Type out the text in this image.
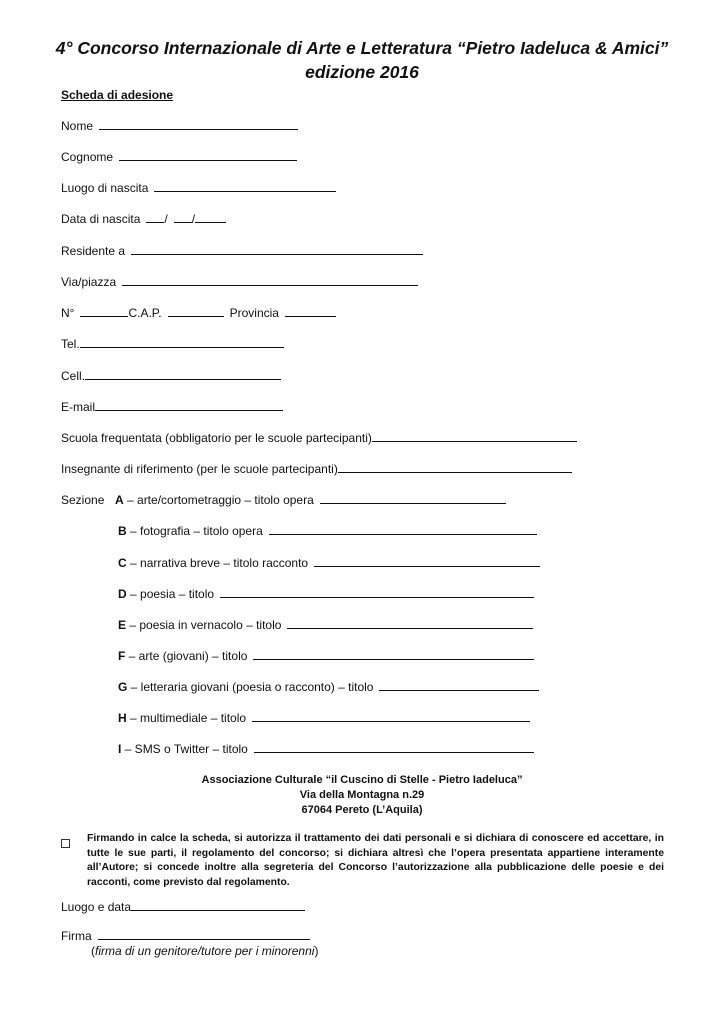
4° Concorso Internazionale di Arte e Letteratura “Pietro Iadeluca & Amici”
edizione 2016
Scheda di adesione
Nome
Cognome
Luogo di nascita
Data di nascita / /
Residente a
Via/piazza
N°	C.A.P.	Provincia
Tel.
Cell.
E-mail
Scuola frequentata (obbligatorio per le scuole partecipanti)
Insegnante di riferimento (per le scuole partecipanti)
Sezione A – arte/cortometraggio – titolo opera
B – fotografia – titolo opera
C – narrativa breve – titolo racconto
D – poesia – titolo
E – poesia in vernacolo – titolo
F – arte (giovani) – titolo
G – letteraria giovani (poesia o racconto) – titolo
H – multimediale – titolo
I – SMS o Twitter – titolo
Associazione Culturale “il Cuscino di Stelle - Pietro Iadeluca”
Via della Montagna n.29
67064 Pereto (L’Aquila)
Firmando in calce la scheda, si autorizza il trattamento dei dati personali e si dichiara di conoscere ed accettare, in tutte le sue parti, il regolamento del concorso; si dichiara altresì che l’opera presentata appartiene interamente all’Autore; si concede inoltre alla segreteria del Concorso l’autorizzazione alla pubblicazione delle poesie e dei racconti, come previsto dal regolamento.
Luogo e data
Firma
(firma di un genitore/tutore per i minorenni)
